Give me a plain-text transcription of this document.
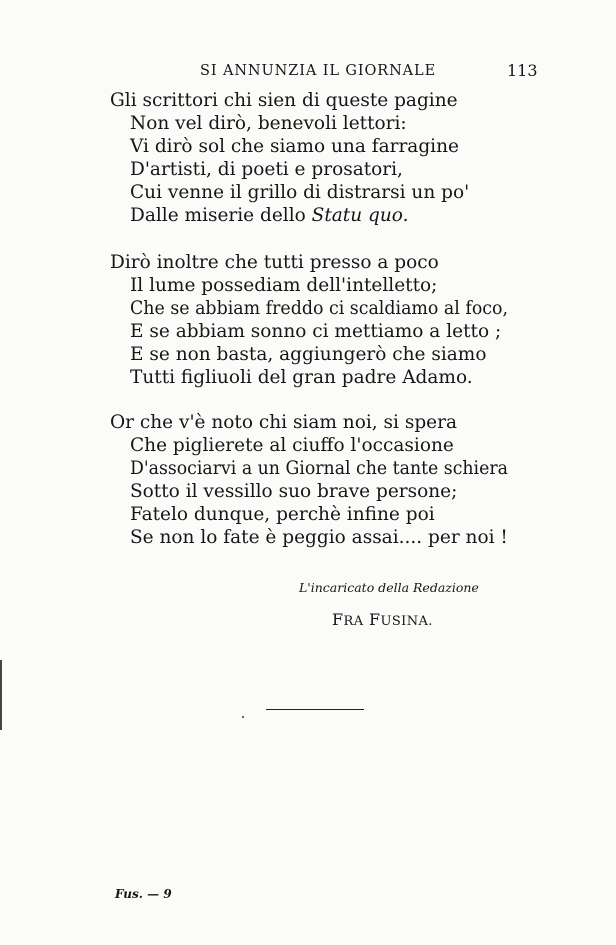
SI ANNUNZIA IL GIORNALE	113
Gli scrittori chi sien di queste pagine
Non vel dirò, benevoli lettori:
Vi dirò sol che siamo una farragine
D'artisti, di poeti e prosatori,
Cui venne il grillo di distrarsi un po'
Dalle miserie dello Statu quo.
Dirò inoltre che tutti presso a poco
Il lume possediam dell'intelletto;
Che se abbiam freddo ci scaldiamo al foco,
E se abbiam sonno ci mettiamo a letto ;
E se non basta, aggiungerò che siamo
Tutti figliuoli del gran padre Adamo.
Or che v'è noto chi siam noi, si spera
Che piglierete al ciuffo l'occasione
D'associarvi a un Giornal che tante schiera
Sotto il vessillo suo brave persone;
Fatelo dunque, perchè infine poi
Se non lo fate è peggio assai.... per noi !
L'incaricato della Redazione
FRA FUSINA.
Fus. — 9
